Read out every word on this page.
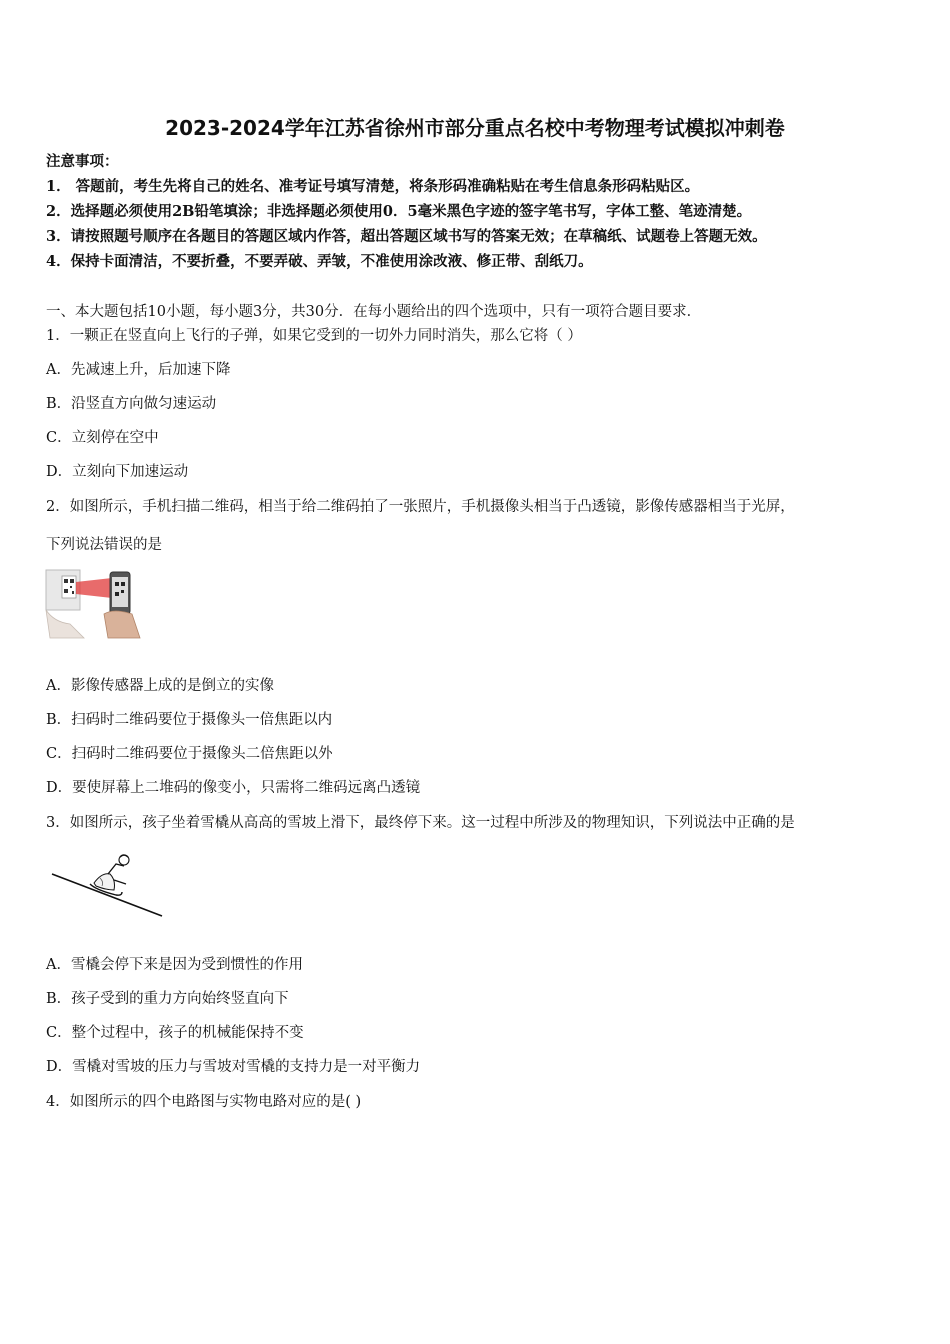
2023-2024学年江苏省徐州市部分重点名校中考物理考试模拟冲刺卷
注意事项：
1． 答题前，考生先将自己的姓名、准考证号填写清楚，将条形码准确粘贴在考生信息条形码粘贴区。
2．选择题必须使用2B铅笔填涂；非选择题必须使用0．5毫米黑色字迹的签字笔书写，字体工整、笔迹清楚。
3．请按照题号顺序在各题目的答题区域内作答，超出答题区域书写的答案无效；在草稿纸、试题卷上答题无效。
4．保持卡面清洁，不要折叠，不要弄破、弄皱，不准使用涂改液、修正带、刮纸刀。
一、本大题包括10小题，每小题3分，共30分．在每小题给出的四个选项中，只有一项符合题目要求．
1．一颗正在竖直向上飞行的子弹，如果它受到的一切外力同时消失，那么它将（ ）
A．先减速上升，后加速下降
B．沿竖直方向做匀速运动
C．立刻停在空中
D．立刻向下加速运动
2．如图所示，手机扫描二维码，相当于给二维码拍了一张照片，手机摄像头相当于凸透镜，影像传感器相当于光屏，
下列说法错误的是
A．影像传感器上成的是倒立的实像
B．扫码时二维码要位于摄像头一倍焦距以内
C．扫码时二维码要位于摄像头二倍焦距以外
D．要使屏幕上二堆码的像变小，只需将二维码远离凸透镜
3．如图所示，孩子坐着雪橇从高高的雪坡上滑下，最终停下来。这一过程中所涉及的物理知识，下列说法中正确的是
A．雪橇会停下来是因为受到惯性的作用
B．孩子受到的重力方向始终竖直向下
C．整个过程中，孩子的机械能保持不变
D．雪橇对雪坡的压力与雪坡对雪橇的支持力是一对平衡力
4．如图所示的四个电路图与实物电路对应的是( )
